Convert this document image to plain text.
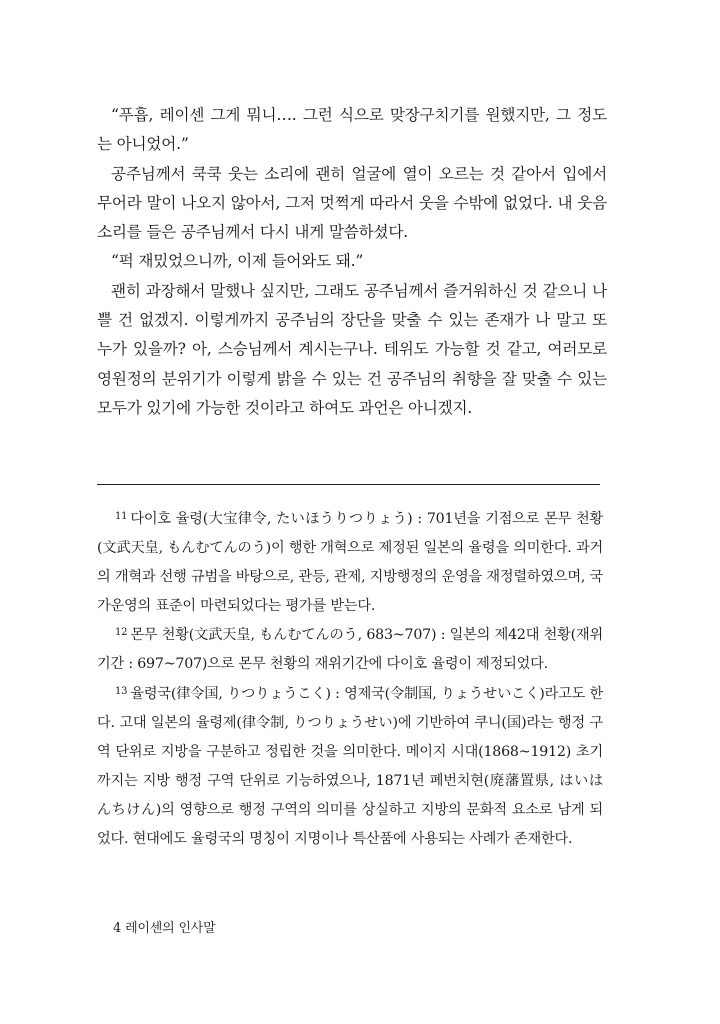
“푸흡, 레이센 그게 뭐니…. 그런 식으로 맞장구치기를 원했지만, 그 정도는 아니었어.”

공주님께서 쿡쿡 웃는 소리에 괜히 얼굴에 열이 오르는 것 같아서 입에서 무어라 말이 나오지 않아서, 그저 멋쩍게 따라서 웃을 수밖에 없었다. 내 웃음소리를 들은 공주님께서 다시 내게 말씀하셨다.

“퍽 재밌었으니까, 이제 들어와도 돼.”

괜히 과장해서 말했나 싶지만, 그래도 공주님께서 즐거워하신 것 같으니 나쁠 건 없겠지. 이렇게까지 공주님의 장단을 맞출 수 있는 존재가 나 말고 또 누가 있을까? 아, 스승님께서 계시는구나. 테위도 가능할 것 같고, 여러모로 영원정의 분위기가 이렇게 밝을 수 있는 건 공주님의 취향을 잘 맞출 수 있는 모두가 있기에 가능한 것이라고 하여도 과언은 아니겠지.

$^{11}$ 다이호 율령(大宝律令, たいほうりつりょう) : 701년을 기점으로 몬무 천황(文武天皇, もんむてんのう)이 행한 개혁으로 제정된 일본의 율령을 의미한다. 과거의 개혁과 선행 규범을 바탕으로, 관등, 관제, 지방행정의 운영을 재정렬하였으며, 국가운영의 표준이 마련되었다는 평가를 받는다.

$^{12}$ 몬무 천황(文武天皇, もんむてんのう, 683~707) : 일본의 제42대 천황(재위기간 : 697~707)으로 몬무 천황의 재위기간에 다이호 율령이 제정되었다.

$^{13}$ 율령국(律令国, りつりょうこく) : 영제국(令制国, りょうせいこく)라고도 한다. 고대 일본의 율령제(律令制, りつりょうせい)에 기반하여 쿠니(国)라는 행정 구역 단위로 지방을 구분하고 정립한 것을 의미한다. 메이지 시대(1868~1912) 초기까지는 지방 행정 구역 단위로 기능하였으나, 1871년 폐번치현(廃藩置県, はいはんちけん)의 영향으로 행정 구역의 의미를 상실하고 지방의 문화적 요소로 남게 되었다. 현대에도 율령국의 명칭이 지명이나 특산품에 사용되는 사례가 존재한다.

4 레이센의 인사말
